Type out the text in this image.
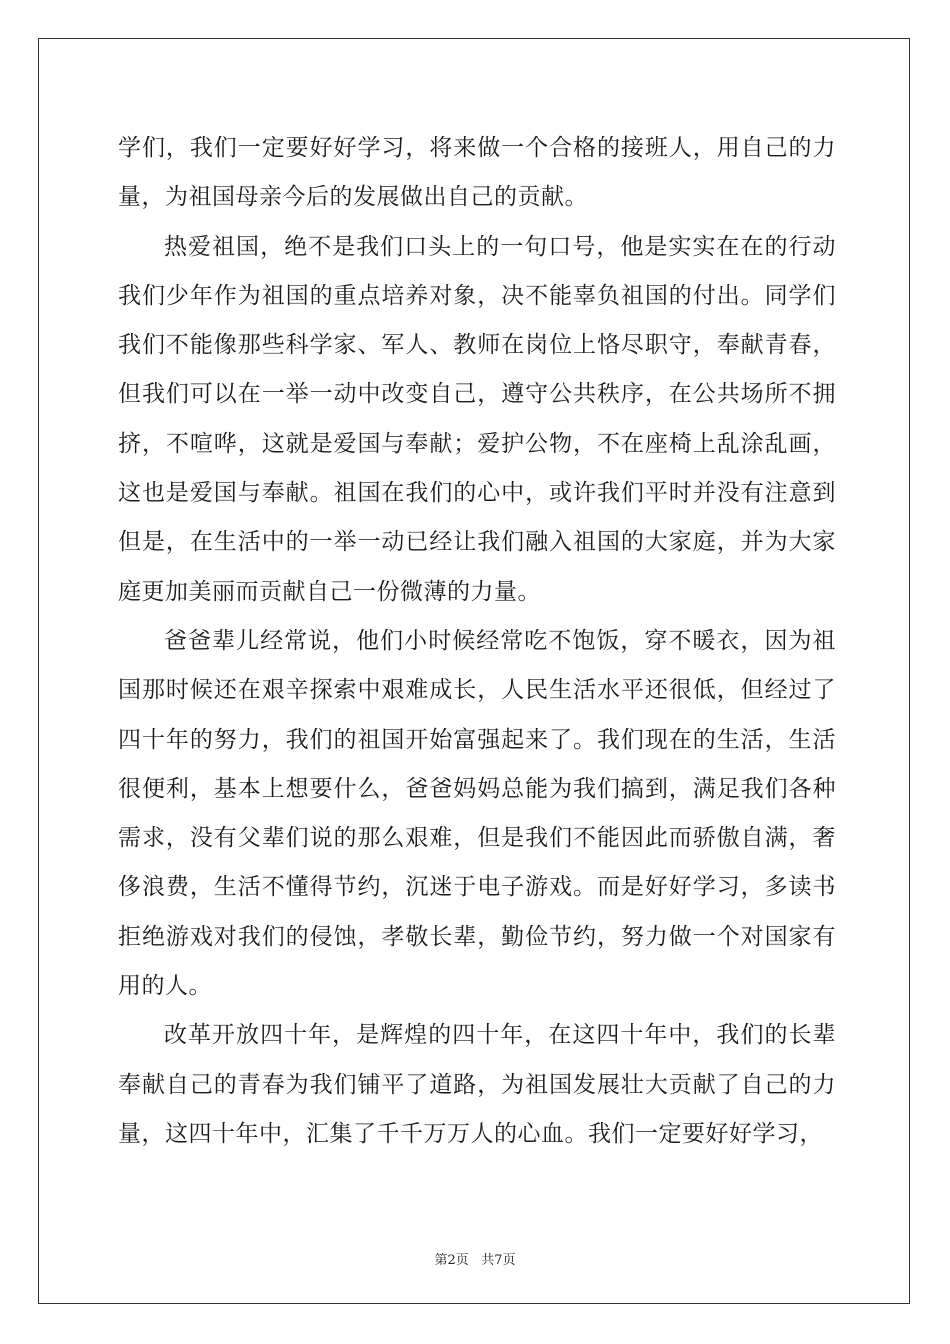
学们，我们一定要好好学习，将来做一个合格的接班人，用自己的力量，为祖国母亲今后的发展做出自己的贡献。

热爱祖国，绝不是我们口头上的一句口号，他是实实在在的行动我们少年作为祖国的重点培养对象，决不能辜负祖国的付出。同学们我们不能像那些科学家、军人、教师在岗位上恪尽职守，奉献青春，但我们可以在一举一动中改变自己，遵守公共秩序，在公共场所不拥挤，不喧哗，这就是爱国与奉献；爱护公物，不在座椅上乱涂乱画，这也是爱国与奉献。祖国在我们的心中，或许我们平时并没有注意到但是，在生活中的一举一动已经让我们融入祖国的大家庭，并为大家庭更加美丽而贡献自己一份微薄的力量。

爸爸辈儿经常说，他们小时候经常吃不饱饭，穿不暖衣，因为祖国那时候还在艰辛探索中艰难成长，人民生活水平还很低，但经过了四十年的努力，我们的祖国开始富强起来了。我们现在的生活，生活很便利，基本上想要什么，爸爸妈妈总能为我们搞到，满足我们各种需求，没有父辈们说的那么艰难，但是我们不能因此而骄傲自满，奢侈浪费，生活不懂得节约，沉迷于电子游戏。而是好好学习，多读书拒绝游戏对我们的侵蚀，孝敬长辈，勤俭节约，努力做一个对国家有用的人。

改革开放四十年，是辉煌的四十年，在这四十年中，我们的长辈奉献自己的青春为我们铺平了道路，为祖国发展壮大贡献了自己的力量，这四十年中，汇集了千千万万人的心血。我们一定要好好学习，

第2页 共7页
